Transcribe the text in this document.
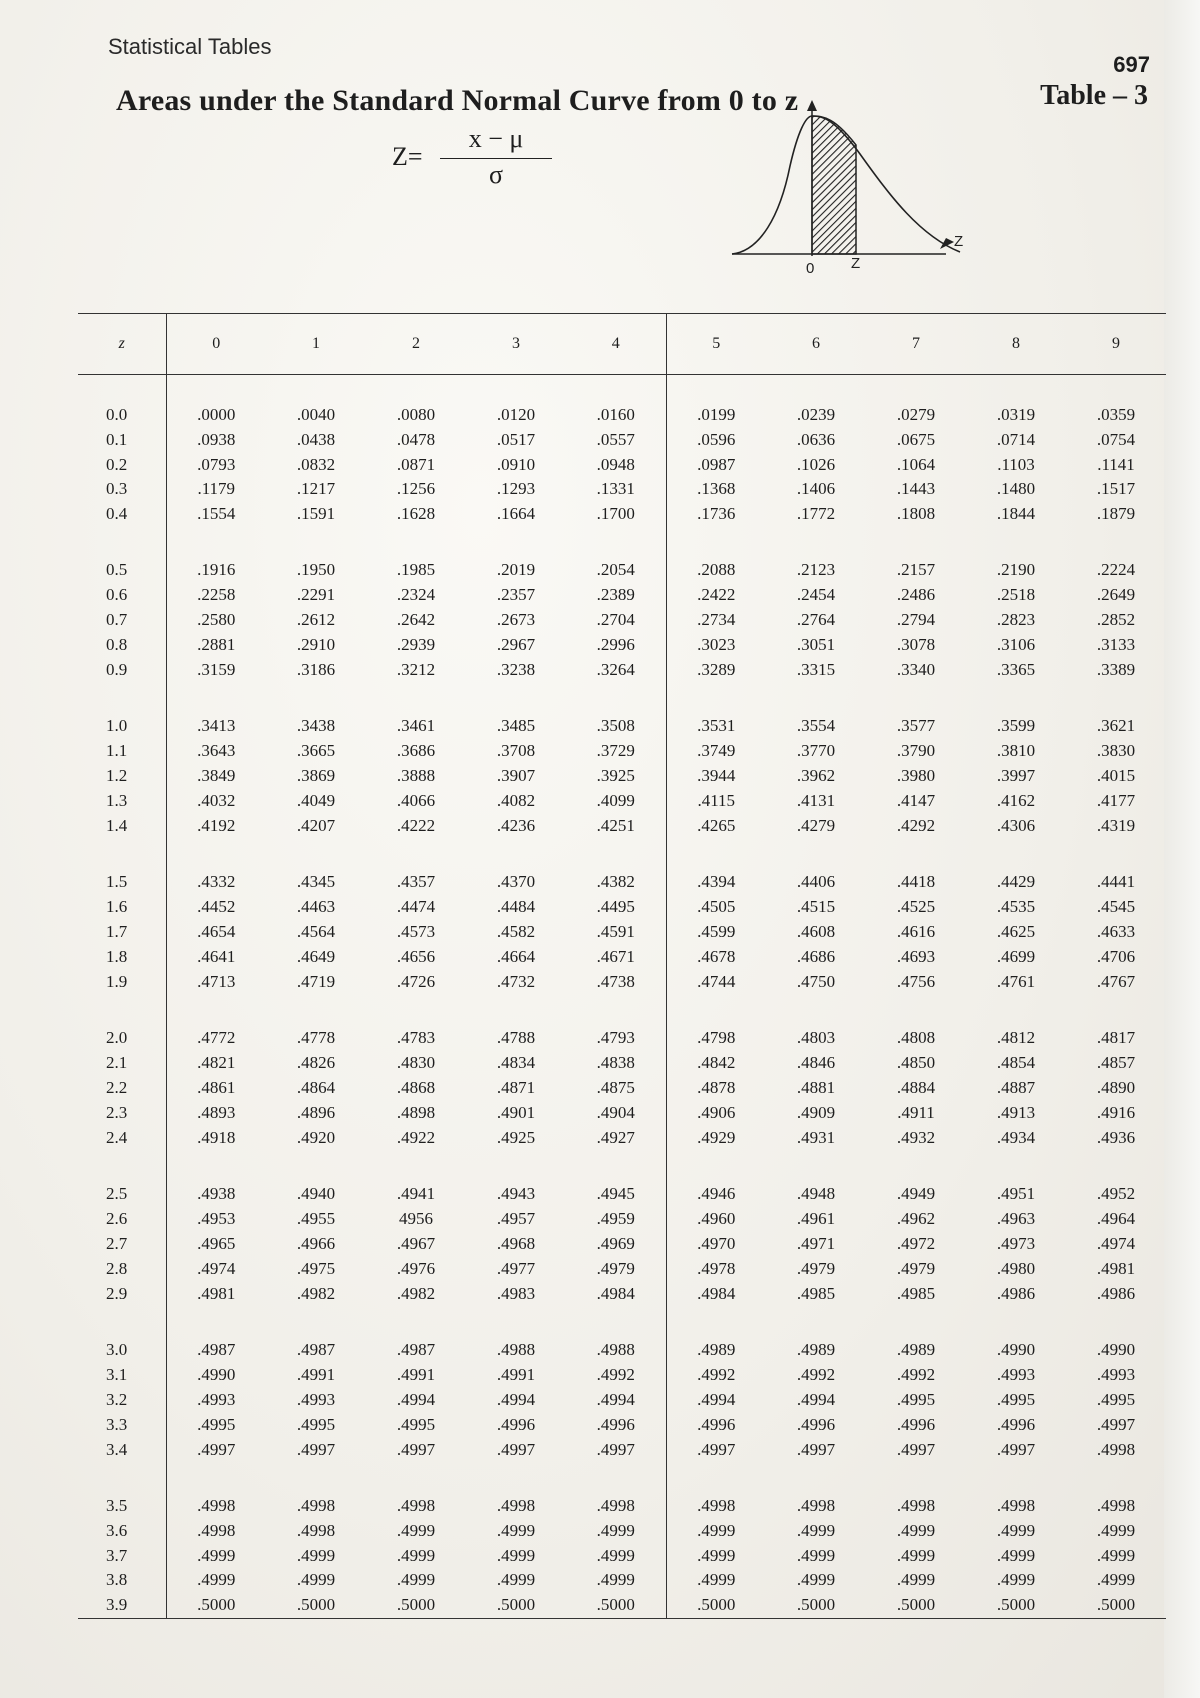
Statistical Tables
697
Table – 3
Areas under the Standard Normal Curve from 0 to z
Z=
x − μ
σ
0 Z
Z
z	0	1	2	3	4	5	6	7	8	9

0.0	.0000	.0040	.0080	.0120	.0160	.0199	.0239	.0279	.0319	.0359
0.1	.0938	.0438	.0478	.0517	.0557	.0596	.0636	.0675	.0714	.0754
0.2	.0793	.0832	.0871	.0910	.0948	.0987	.1026	.1064	.1103	.1141
0.3	.1179	.1217	.1256	.1293	.1331	.1368	.1406	.1443	.1480	.1517
0.4	.1554	.1591	.1628	.1664	.1700	.1736	.1772	.1808	.1844	.1879

0.5	.1916	.1950	.1985	.2019	.2054	.2088	.2123	.2157	.2190	.2224
0.6	.2258	.2291	.2324	.2357	.2389	.2422	.2454	.2486	.2518	.2649
0.7	.2580	.2612	.2642	.2673	.2704	.2734	.2764	.2794	.2823	.2852
0.8	.2881	.2910	.2939	.2967	.2996	.3023	.3051	.3078	.3106	.3133
0.9	.3159	.3186	.3212	.3238	.3264	.3289	.3315	.3340	.3365	.3389

1.0	.3413	.3438	.3461	.3485	.3508	.3531	.3554	.3577	.3599	.3621
1.1	.3643	.3665	.3686	.3708	.3729	.3749	.3770	.3790	.3810	.3830
1.2	.3849	.3869	.3888	.3907	.3925	.3944	.3962	.3980	.3997	.4015
1.3	.4032	.4049	.4066	.4082	.4099	.4115	.4131	.4147	.4162	.4177
1.4	.4192	.4207	.4222	.4236	.4251	.4265	.4279	.4292	.4306	.4319

1.5	.4332	.4345	.4357	.4370	.4382	.4394	.4406	.4418	.4429	.4441
1.6	.4452	.4463	.4474	.4484	.4495	.4505	.4515	.4525	.4535	.4545
1.7	.4654	.4564	.4573	.4582	.4591	.4599	.4608	.4616	.4625	.4633
1.8	.4641	.4649	.4656	.4664	.4671	.4678	.4686	.4693	.4699	.4706
1.9	.4713	.4719	.4726	.4732	.4738	.4744	.4750	.4756	.4761	.4767

2.0	.4772	.4778	.4783	.4788	.4793	.4798	.4803	.4808	.4812	.4817
2.1	.4821	.4826	.4830	.4834	.4838	.4842	.4846	.4850	.4854	.4857
2.2	.4861	.4864	.4868	.4871	.4875	.4878	.4881	.4884	.4887	.4890
2.3	.4893	.4896	.4898	.4901	.4904	.4906	.4909	.4911	.4913	.4916
2.4	.4918	.4920	.4922	.4925	.4927	.4929	.4931	.4932	.4934	.4936

2.5	.4938	.4940	.4941	.4943	.4945	.4946	.4948	.4949	.4951	.4952
2.6	.4953	.4955	4956	.4957	.4959	.4960	.4961	.4962	.4963	.4964
2.7	.4965	.4966	.4967	.4968	.4969	.4970	.4971	.4972	.4973	.4974
2.8	.4974	.4975	.4976	.4977	.4979	.4978	.4979	.4979	.4980	.4981
2.9	.4981	.4982	.4982	.4983	.4984	.4984	.4985	.4985	.4986	.4986

3.0	.4987	.4987	.4987	.4988	.4988	.4989	.4989	.4989	.4990	.4990
3.1	.4990	.4991	.4991	.4991	.4992	.4992	.4992	.4992	.4993	.4993
3.2	.4993	.4993	.4994	.4994	.4994	.4994	.4994	.4995	.4995	.4995
3.3	.4995	.4995	.4995	.4996	.4996	.4996	.4996	.4996	.4996	.4997
3.4	.4997	.4997	.4997	.4997	.4997	.4997	.4997	.4997	.4997	.4998

3.5	.4998	.4998	.4998	.4998	.4998	.4998	.4998	.4998	.4998	.4998
3.6	.4998	.4998	.4999	.4999	.4999	.4999	.4999	.4999	.4999	.4999
3.7	.4999	.4999	.4999	.4999	.4999	.4999	.4999	.4999	.4999	.4999
3.8	.4999	.4999	.4999	.4999	.4999	.4999	.4999	.4999	.4999	.4999
3.9	.5000	.5000	.5000	.5000	.5000	.5000	.5000	.5000	.5000	.5000
